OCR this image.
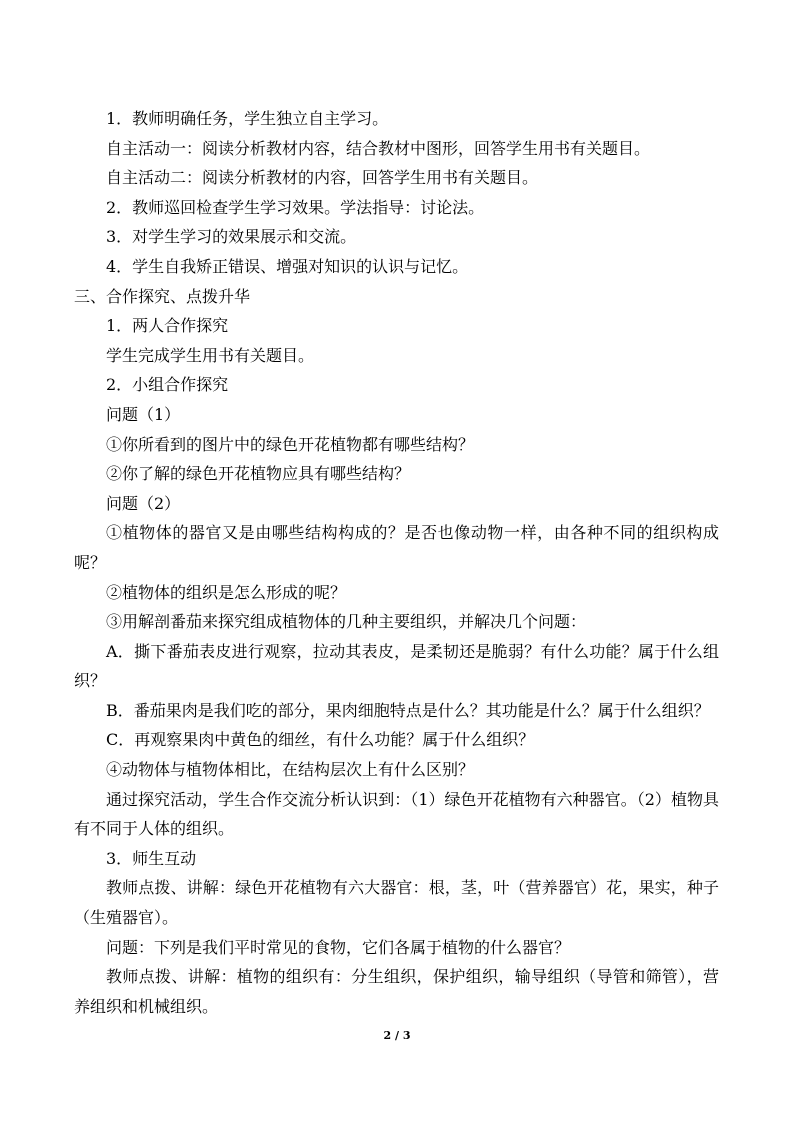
1．教师明确任务，学生独立自主学习。

自主活动一：阅读分析教材内容，结合教材中图形，回答学生用书有关题目。

自主活动二：阅读分析教材的内容，回答学生用书有关题目。

2．教师巡回检查学生学习效果。学法指导：讨论法。

3．对学生学习的效果展示和交流。

4．学生自我矫正错误、增强对知识的认识与记忆。

三、合作探究、点拨升华

1．两人合作探究

学生完成学生用书有关题目。

2．小组合作探究

问题（1）

①你所看到的图片中的绿色开花植物都有哪些结构？

②你了解的绿色开花植物应具有哪些结构？

问题（2）

①植物体的器官又是由哪些结构构成的？是否也像动物一样，由各种不同的组织构成呢？

②植物体的组织是怎么形成的呢？

③用解剖番茄来探究组成植物体的几种主要组织，并解决几个问题：

A．撕下番茄表皮进行观察，拉动其表皮，是柔韧还是脆弱？有什么功能？属于什么组织？

B．番茄果肉是我们吃的部分，果肉细胞特点是什么？其功能是什么？属于什么组织？

C．再观察果肉中黄色的细丝，有什么功能？属于什么组织？

④动物体与植物体相比，在结构层次上有什么区别？

通过探究活动，学生合作交流分析认识到：（1）绿色开花植物有六种器官。（2）植物具有不同于人体的组织。

3．师生互动

教师点拨、讲解：绿色开花植物有六大器官：根，茎，叶（营养器官）花，果实，种子（生殖器官）。

问题：下列是我们平时常见的食物，它们各属于植物的什么器官？

教师点拨、讲解：植物的组织有：分生组织，保护组织，输导组织（导管和筛管），营养组织和机械组织。

2 / 3
